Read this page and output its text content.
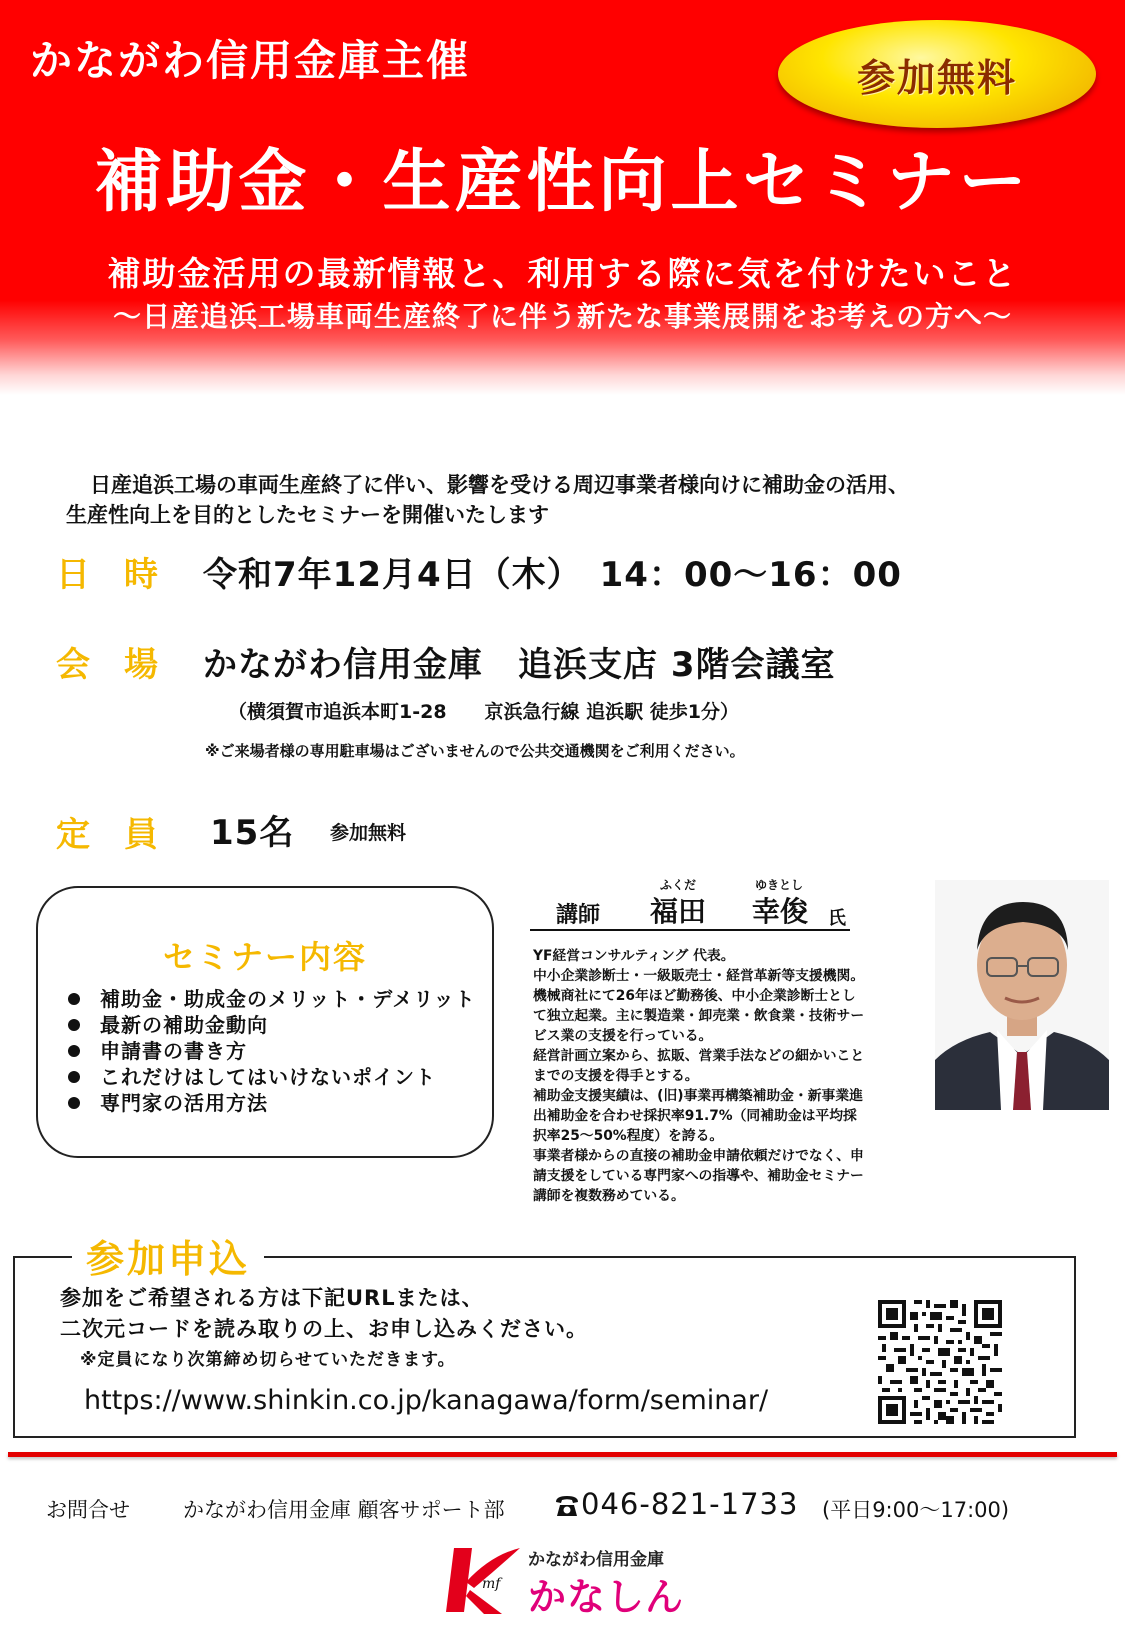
かながわ信用金庫主催	参加無料
補助金・生産性向上セミナー
補助金活用の最新情報と、利用する際に気を付けたいこと
～日産追浜工場車両生産終了に伴う新たな事業展開をお考えの方へ～

日産追浜工場の車両生産終了に伴い、影響を受ける周辺事業者様向けに補助金の活用、

生産性向上を目的としたセミナーを開催いたします

日時 令和7年12月4日（木）　14：00～16：00
会場 かながわ信用金庫　追浜支店 3階会議室
（横須賀市追浜本町1-28　　京浜急行線 追浜駅 徒歩1分）
※ご来場者様の専用駐車場はございませんので公共交通機関をご利用ください。
定員 15名 参加無料
セミナー内容
補助金・助成金のメリット・デメリット
最新の補助金動向
申請書の書き方
これだけはしてはいけないポイント
専門家の活用方法
ふくだ	ゆきとし
講師 福田 幸俊 氏
YF経営コンサルティング 代表。
中小企業診断士・一級販売士・経営革新等支援機関。
機械商社にて26年ほど勤務後、中小企業診断士とし
て独立起業。主に製造業・卸売業・飲食業・技術サー
ビス業の支援を行っている。
経営計画立案から、拡販、営業手法などの細かいこと
までの支援を得手とする。
補助金支援実績は、(旧)事業再構築補助金・新事業進
出補助金を合わせ採択率91.7%（同補助金は平均採
択率25～50%程度）を誇る。
事業者様からの直接の補助金申請依頼だけでなく、申
請支援をしている専門家への指導や、補助金セミナー
講師を複数務めている。
参加申込
参加をご希望される方は下記URLまたは、
二次元コードを読み取りの上、お申し込みください。
※定員になり次第締め切らせていただきます。
https://www.shinkin.co.jp/kanagawa/form/seminar/
お問合せ	かながわ信用金庫 顧客サポート部	046-821-1733 (平日9:00～17:00)
mf
かながわ信用金庫
かなしん
